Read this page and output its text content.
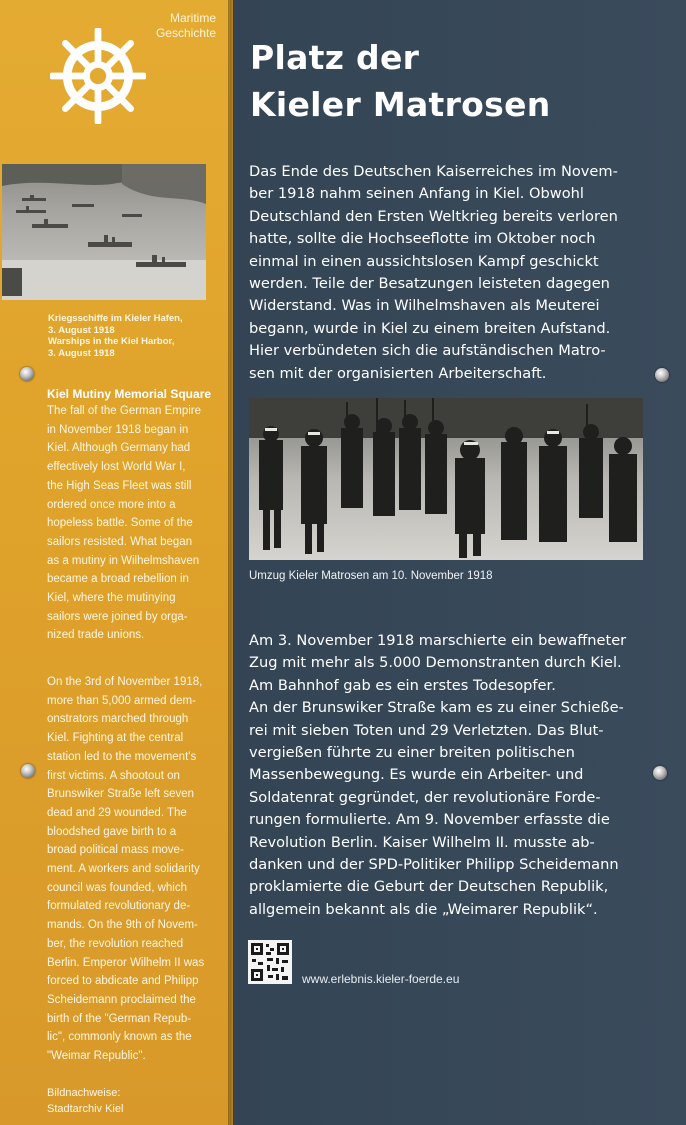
Maritime
Geschichte
Kriegsschiffe im Kieler Hafen,
3. August 1918
Warships in the Kiel Harbor,
3. August 1918
Kiel Mutiny Memorial Square
The fall of the German Empire
in November 1918 began in
Kiel. Although Germany had
effectively lost World War I,
the High Seas Fleet was still
ordered once more into a
hopeless battle. Some of the
sailors resisted. What began
as a mutiny in Wilhelmshaven
became a broad rebellion in
Kiel, where the mutinying
sailors were joined by orga-
nized trade unions.
On the 3rd of November 1918,
more than 5,000 armed dem-
onstrators marched through
Kiel. Fighting at the central
station led to the movement's
first victims. A shootout on
Brunswiker Straße left seven
dead and 29 wounded. The
bloodshed gave birth to a
broad political mass move-
ment. A workers and solidarity
council was founded, which
formulated revolutionary de-
mands. On the 9th of Novem-
ber, the revolution reached
Berlin. Emperor Wilhelm II was
forced to abdicate and Philipp
Scheidemann proclaimed the
birth of the "German Repub-
lic", commonly known as the
"Weimar Republic".
Bildnachweise:
Stadtarchiv Kiel
Platz der
Kieler Matrosen
Das Ende des Deutschen Kaiserreiches im Novem-
ber 1918 nahm seinen Anfang in Kiel. Obwohl
Deutschland den Ersten Weltkrieg bereits verloren
hatte, sollte die Hochseeflotte im Oktober noch
einmal in einen aussichtslosen Kampf geschickt
werden. Teile der Besatzungen leisteten dagegen
Widerstand. Was in Wilhelmshaven als Meuterei
begann, wurde in Kiel zu einem breiten Aufstand.
Hier verbündeten sich die aufständischen Matro-
sen mit der organisierten Arbeiterschaft.
Umzug Kieler Matrosen am 10. November 1918
Am 3. November 1918 marschierte ein bewaffneter
Zug mit mehr als 5.000 Demonstranten durch Kiel.
Am Bahnhof gab es ein erstes Todesopfer.
An der Brunswiker Straße kam es zu einer Schieße-
rei mit sieben Toten und 29 Verletzten. Das Blut-
vergießen führte zu einer breiten politischen
Massenbewegung. Es wurde ein Arbeiter- und
Soldatenrat gegründet, der revolutionäre Forde-
rungen formulierte. Am 9. November erfasste die
Revolution Berlin. Kaiser Wilhelm II. musste ab-
danken und der SPD-Politiker Philipp Scheidemann
proklamierte die Geburt der Deutschen Republik,
allgemein bekannt als die „Weimarer Republik“.
www.erlebnis.kieler-foerde.eu
